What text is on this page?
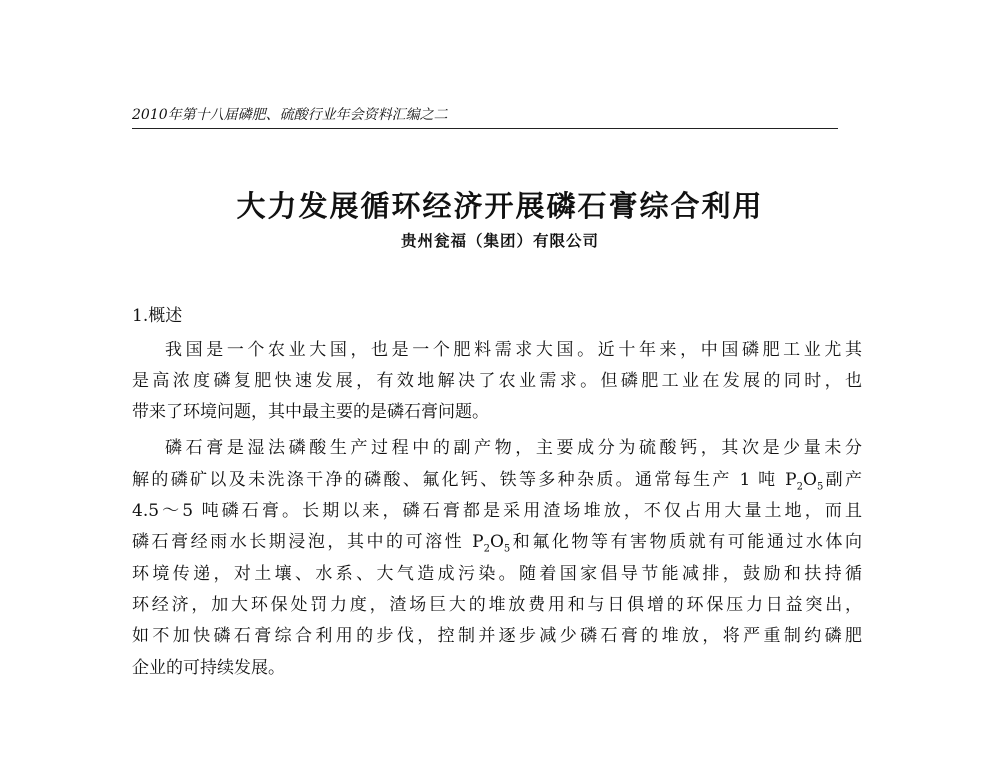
2010年第十八届磷肥、硫酸行业年会资料汇编之二
大力发展循环经济开展磷石膏综合利用
贵州瓮福（集团）有限公司
1.概述
我国是一个农业大国，也是一个肥料需求大国。近十年来，中国磷肥工业尤其
是高浓度磷复肥快速发展，有效地解决了农业需求。但磷肥工业在发展的同时，也
带来了环境问题，其中最主要的是磷石膏问题。
磷石膏是湿法磷酸生产过程中的副产物，主要成分为硫酸钙，其次是少量未分
解的磷矿以及未洗涤干净的磷酸、氟化钙、铁等多种杂质。通常每生产 1 吨 $P_2O_5$副产
4.5～5 吨磷石膏。长期以来，磷石膏都是采用渣场堆放，不仅占用大量土地，而且
磷石膏经雨水长期浸泡，其中的可溶性 $P_2O_5$和氟化物等有害物质就有可能通过水体向
环境传递，对土壤、水系、大气造成污染。随着国家倡导节能减排，鼓励和扶持循
环经济，加大环保处罚力度，渣场巨大的堆放费用和与日俱增的环保压力日益突出，
如不加快磷石膏综合利用的步伐，控制并逐步减少磷石膏的堆放，将严重制约磷肥
企业的可持续发展。
